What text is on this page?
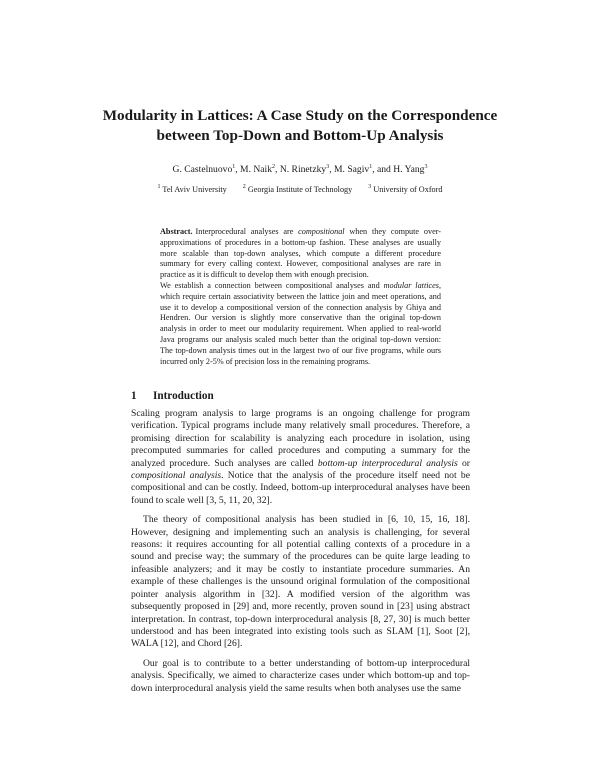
Modularity in Lattices: A Case Study on the Correspondence between Top-Down and Bottom-Up Analysis
G. Castelnuovo$^1$, M. Naik$^2$, N. Rinetzky$^3$, M. Sagiv$^1$, and H. Yang$^3$
$^1$ Tel Aviv University	$^2$ Georgia Institute of Technology	$^3$ University of Oxford

Abstract. Interprocedural analyses are compositional when they compute over-approximations of procedures in a bottom-up fashion. These analyses are usually more scalable than top-down analyses, which compute a different procedure summary for every calling context. However, compositional analyses are rare in practice as it is difficult to develop them with enough precision.

We establish a connection between compositional analyses and modular lattices, which require certain associativity between the lattice join and meet operations, and use it to develop a compositional version of the connection analysis by Ghiya and Hendren. Our version is slightly more conservative than the original top-down analysis in order to meet our modularity requirement. When applied to real-world Java programs our analysis scaled much better than the original top-down version: The top-down analysis times out in the largest two of our five programs, while ours incurred only 2-5% of precision loss in the remaining programs.

1 Introduction

Scaling program analysis to large programs is an ongoing challenge for program verification. Typical programs include many relatively small procedures. Therefore, a promising direction for scalability is analyzing each procedure in isolation, using precomputed summaries for called procedures and computing a summary for the analyzed procedure. Such analyses are called bottom-up interprocedural analysis or compositional analysis. Notice that the analysis of the procedure itself need not be compositional and can be costly. Indeed, bottom-up interprocedural analyses have been found to scale well [3, 5, 11, 20, 32].

The theory of compositional analysis has been studied in [6, 10, 15, 16, 18]. However, designing and implementing such an analysis is challenging, for several reasons: it requires accounting for all potential calling contexts of a procedure in a sound and precise way; the summary of the procedures can be quite large leading to infeasible analyzers; and it may be costly to instantiate procedure summaries. An example of these challenges is the unsound original formulation of the compositional pointer analysis algorithm in [32]. A modified version of the algorithm was subsequently proposed in [29] and, more recently, proven sound in [23] using abstract interpretation. In contrast, top-down interprocedural analysis [8, 27, 30] is much better understood and has been integrated into existing tools such as SLAM [1], Soot [2], WALA [12], and Chord [26].

Our goal is to contribute to a better understanding of bottom-up interprocedural analysis. Specifically, we aimed to characterize cases under which bottom-up and top-down interprocedural analysis yield the same results when both analyses use the same
